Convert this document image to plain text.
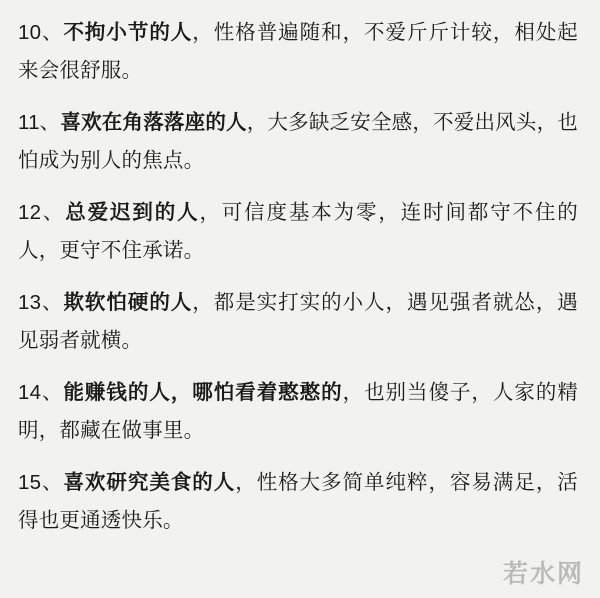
10、不拘小节的人，性格普遍随和，不爱斤斤计较，相处起来会很舒服。

11、喜欢在角落落座的人，大多缺乏安全感，不爱出风头，也怕成为别人的焦点。

12、总爱迟到的人，可信度基本为零，连时间都守不住的人，更守不住承诺。

13、欺软怕硬的人，都是实打实的小人，遇见强者就怂，遇见弱者就横。

14、能赚钱的人，哪怕看着憨憨的，也别当傻子，人家的精明，都藏在做事里。

15、喜欢研究美食的人，性格大多简单纯粹，容易满足，活得也更通透快乐。

若水网
